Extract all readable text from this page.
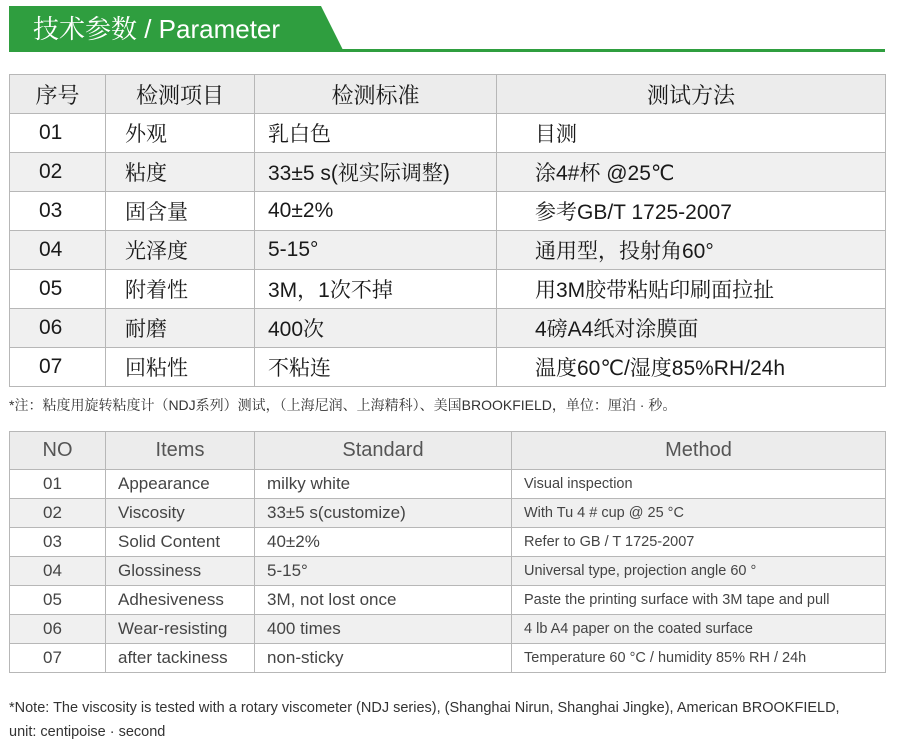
技术参数 / Parameter
序号	检测项目	检测标准	测试方法
01	外观	乳白色	目测
02	粘度	33±5 s(视实际调整)	涂4#杯 @25℃
03	固含量	40±2%	参考GB/T 1725-2007
04	光泽度	5-15°	通用型，投射角60°
05	附着性	3M，1次不掉	用3M胶带粘贴印刷面拉扯
06	耐磨	400次	4磅A4纸对涂膜面
07	回粘性	不粘连	温度60℃/湿度85%RH/24h
*注：粘度用旋转粘度计（NDJ系列）测试，（上海尼润、上海精科）、美国BROOKFIELD，单位：厘泊 · 秒。
NO	Items	Standard	Method
01	Appearance	milky white	Visual inspection
02	Viscosity	33±5 s(customize)	With Tu 4 # cup @ 25 °C
03	Solid Content	40±2%	Refer to GB / T 1725-2007
04	Glossiness	5-15°	Universal type, projection angle 60 °
05	Adhesiveness	3M, not lost once	Paste the printing surface with 3M tape and pull
06	Wear-resisting	400 times	4 lb A4 paper on the coated surface
07	after tackiness	non-sticky	Temperature 60 °C / humidity 85% RH / 24h
*Note: The viscosity is tested with a rotary viscometer (NDJ series), (Shanghai Nirun, Shanghai Jingke), American BROOKFIELD, unit: centipoise · second
